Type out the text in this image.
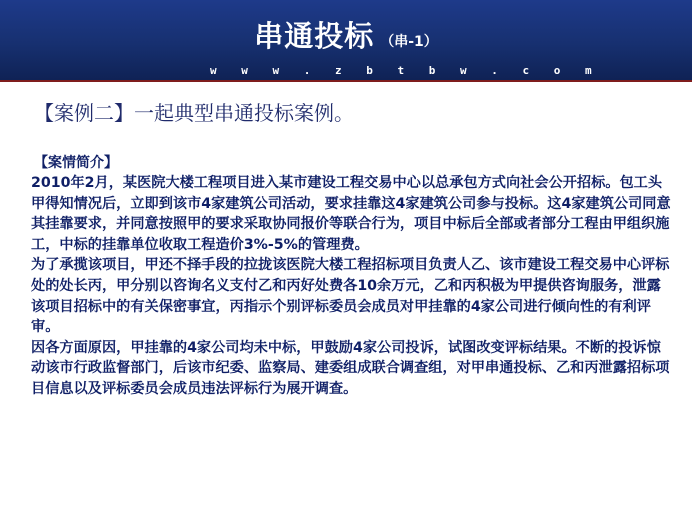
串通投标 （串-1）
w w w . z b t b w . c o m
【案例二】一起典型串通投标案例。
【案情简介】

2010年2月，某医院大楼工程项目进入某市建设工程交易中心以总承包方式向社会公开招标。包工头甲得知情况后，立即到该市4家建筑公司活动，要求挂靠这4家建筑公司参与投标。这4家建筑公司同意其挂靠要求，并同意按照甲的要求采取协同报价等联合行为，项目中标后全部或者部分工程由甲组织施工，中标的挂靠单位收取工程造价3%-5%的管理费。

为了承揽该项目，甲还不择手段的拉拢该医院大楼工程招标项目负责人乙、该市建设工程交易中心评标处的处长丙，甲分别以咨询名义支付乙和丙好处费各10余万元，乙和丙积极为甲提供咨询服务，泄露该项目招标中的有关保密事宜，丙指示个别评标委员会成员对甲挂靠的4家公司进行倾向性的有利评审。

因各方面原因，甲挂靠的4家公司均未中标，甲鼓励4家公司投诉，试图改变评标结果。不断的投诉惊动该市行政监督部门，后该市纪委、监察局、建委组成联合调查组，对甲串通投标、乙和丙泄露招标项目信息以及评标委员会成员违法评标行为展开调查。
